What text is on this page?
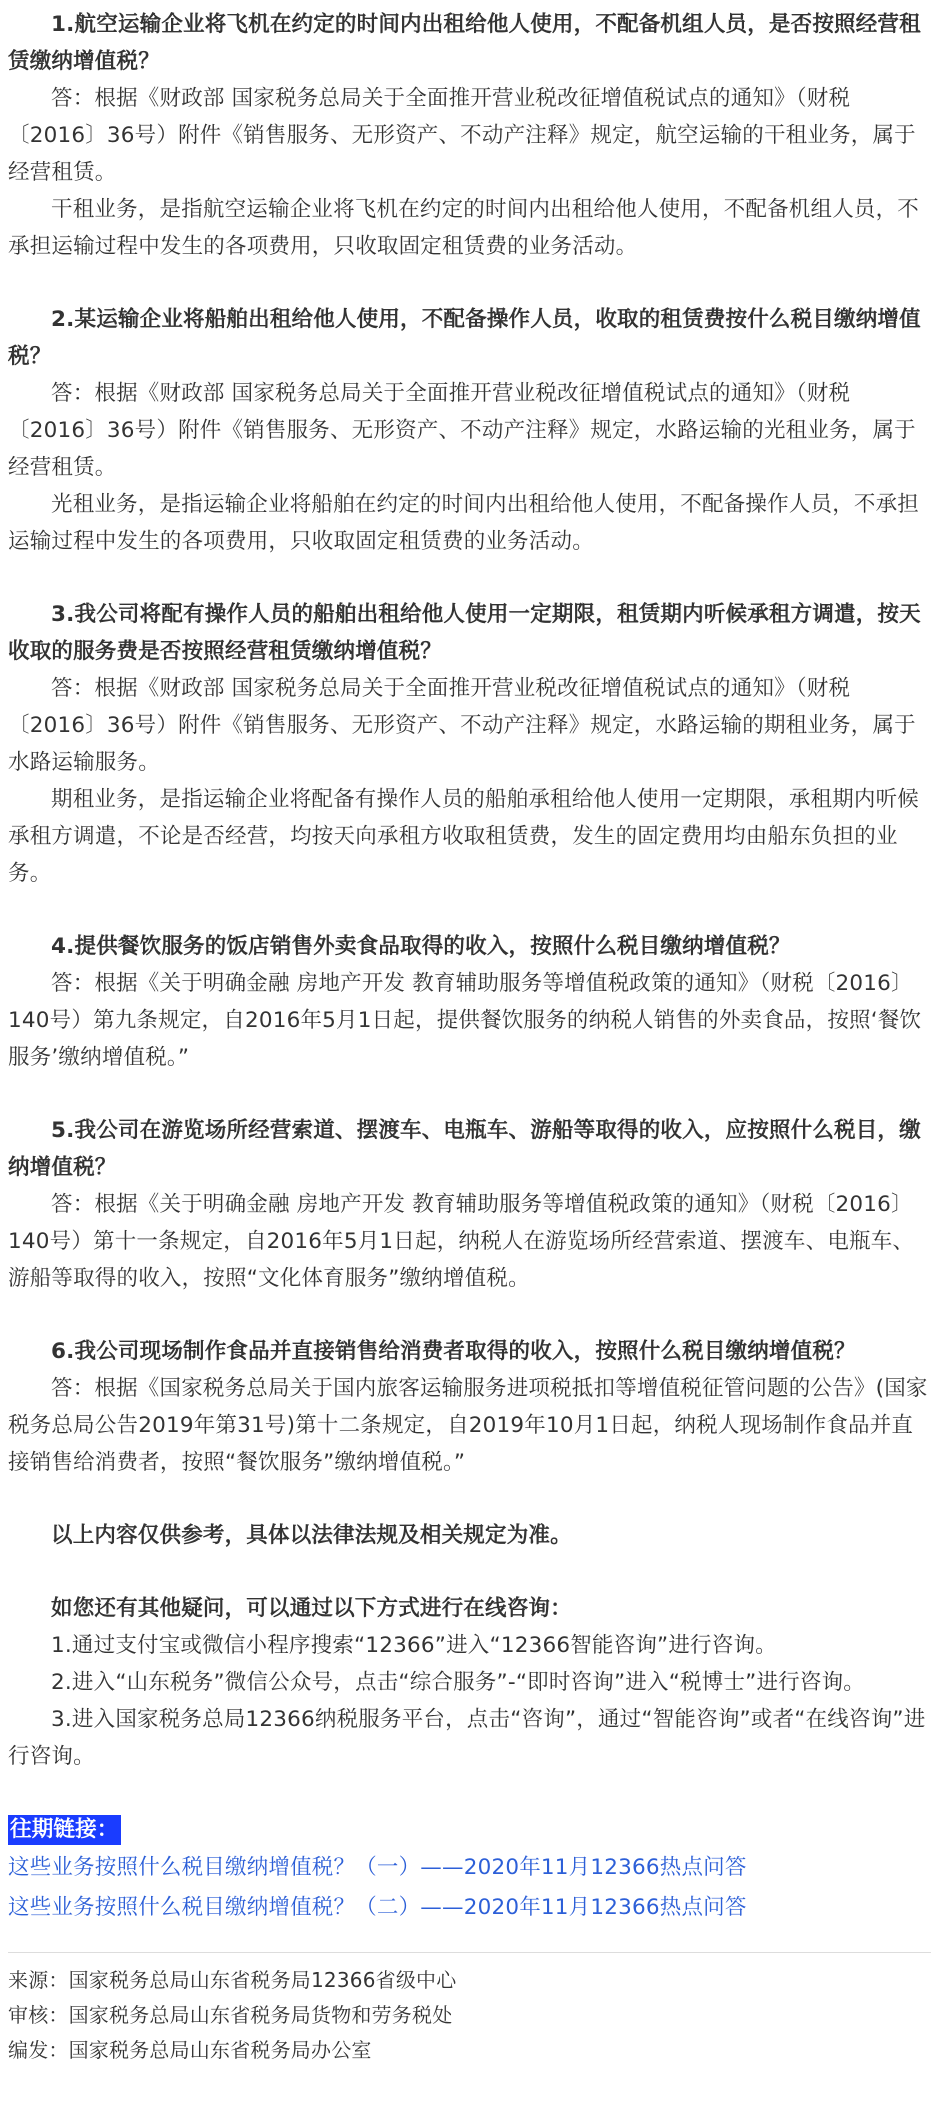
1.航空运输企业将飞机在约定的时间内出租给他人使用，不配备机组人员，是否按照经营租赁缴纳增值税？

答：根据《财政部 国家税务总局关于全面推开营业税改征增值税试点的通知》（财税〔2016〕36号）附件《销售服务、无形资产、不动产注释》规定，航空运输的干租业务，属于经营租赁。

干租业务，是指航空运输企业将飞机在约定的时间内出租给他人使用，不配备机组人员，不承担运输过程中发生的各项费用，只收取固定租赁费的业务活动。

2.某运输企业将船舶出租给他人使用，不配备操作人员，收取的租赁费按什么税目缴纳增值税？

答：根据《财政部 国家税务总局关于全面推开营业税改征增值税试点的通知》（财税〔2016〕36号）附件《销售服务、无形资产、不动产注释》规定，水路运输的光租业务，属于经营租赁。

光租业务，是指运输企业将船舶在约定的时间内出租给他人使用，不配备操作人员，不承担运输过程中发生的各项费用，只收取固定租赁费的业务活动。

3.我公司将配有操作人员的船舶出租给他人使用一定期限，租赁期内听候承租方调遣，按天收取的服务费是否按照经营租赁缴纳增值税？

答：根据《财政部 国家税务总局关于全面推开营业税改征增值税试点的通知》（财税〔2016〕36号）附件《销售服务、无形资产、不动产注释》规定，水路运输的期租业务，属于水路运输服务。

期租业务，是指运输企业将配备有操作人员的船舶承租给他人使用一定期限，承租期内听候承租方调遣，不论是否经营，均按天向承租方收取租赁费，发生的固定费用均由船东负担的业务。

4.提供餐饮服务的饭店销售外卖食品取得的收入，按照什么税目缴纳增值税？

答：根据《关于明确金融 房地产开发 教育辅助服务等增值税政策的通知》（财税〔2016〕140号）第九条规定，自2016年5月1日起，提供餐饮服务的纳税人销售的外卖食品，按照‘餐饮服务’缴纳增值税。”

5.我公司在游览场所经营索道、摆渡车、电瓶车、游船等取得的收入，应按照什么税目，缴纳增值税？

答：根据《关于明确金融 房地产开发 教育辅助服务等增值税政策的通知》（财税〔2016〕140号）第十一条规定，自2016年5月1日起，纳税人在游览场所经营索道、摆渡车、电瓶车、游船等取得的收入，按照“文化体育服务”缴纳增值税。

6.我公司现场制作食品并直接销售给消费者取得的收入，按照什么税目缴纳增值税？

答：根据《国家税务总局关于国内旅客运输服务进项税抵扣等增值税征管问题的公告》(国家税务总局公告2019年第31号)第十二条规定，自2019年10月1日起，纳税人现场制作食品并直接销售给消费者，按照“餐饮服务”缴纳增值税。”

以上内容仅供参考，具体以法律法规及相关规定为准。

如您还有其他疑问，可以通过以下方式进行在线咨询：

1.通过支付宝或微信小程序搜索“12366”进入“12366智能咨询”进行咨询。

2.进入“山东税务”微信公众号，点击“综合服务”-“即时咨询”进入“税博士”进行咨询。

3.进入国家税务总局12366纳税服务平台，点击“咨询”，通过“智能咨询”或者“在线咨询”进行咨询。

往期链接：
这些业务按照什么税目缴纳增值税？（一）——2020年11月12366热点问答
这些业务按照什么税目缴纳增值税？（二）——2020年11月12366热点问答
来源：国家税务总局山东省税务局12366省级中心
审核：国家税务总局山东省税务局货物和劳务税处
编发：国家税务总局山东省税务局办公室
